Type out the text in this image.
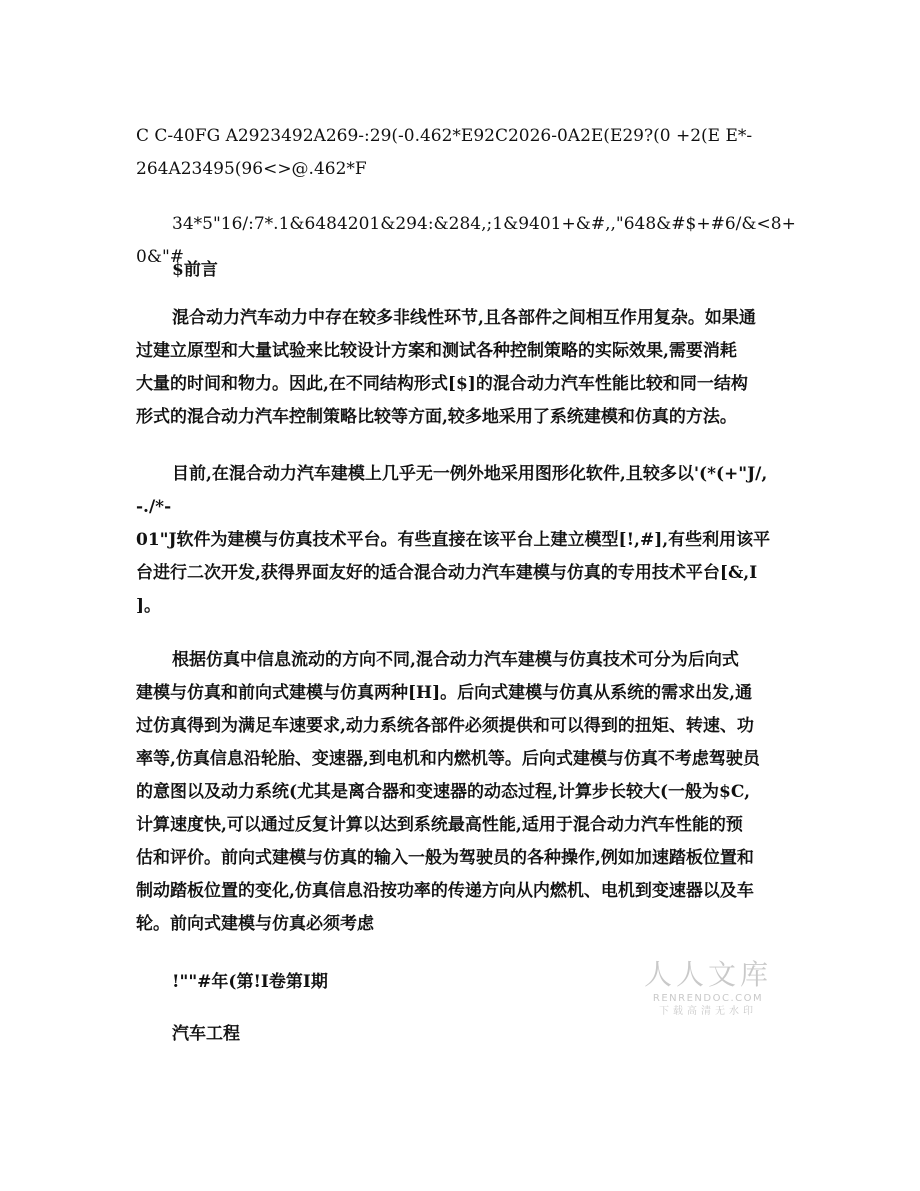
C C-40FG A2923492A269-:29(-0.462*E92C2026-0A2E(E29?(0 +2(E E*-
264A23495(96<>@.462*F

34*5"16/:7*.1&6484201&294:&284,;1&9401+&#,,"648&#$+#6/&<8+0&"#

$前言

混合动力汽车动力中存在较多非线性环节,且各部件之间相互作用复杂。如果通
过建立原型和大量试验来比较设计方案和测试各种控制策略的实际效果,需要消耗
大量的时间和物力。因此,在不同结构形式[$]的混合动力汽车性能比较和同一结构
形式的混合动力汽车控制策略比较等方面,较多地采用了系统建模和仿真的方法。

目前,在混合动力汽车建模上几乎无一例外地采用图形化软件,且较多以'(*(+"J/,
-./*-
01"J软件为建模与仿真技术平台。有些直接在该平台上建立模型[!,#],有些利用该平
台进行二次开发,获得界面友好的适合混合动力汽车建模与仿真的专用技术平台[&,I
]。

根据仿真中信息流动的方向不同,混合动力汽车建模与仿真技术可分为后向式
建模与仿真和前向式建模与仿真两种[H]。后向式建模与仿真从系统的需求出发,通
过仿真得到为满足车速要求,动力系统各部件必须提供和可以得到的扭矩、转速、功
率等,仿真信息沿轮胎、变速器,到电机和内燃机等。后向式建模与仿真不考虑驾驶员
的意图以及动力系统(尤其是离合器和变速器的动态过程,计算步长较大(一般为$C,
计算速度快,可以通过反复计算以达到系统最高性能,适用于混合动力汽车性能的预
估和评价。前向式建模与仿真的输入一般为驾驶员的各种操作,例如加速踏板位置和
制动踏板位置的变化,仿真信息沿按功率的传递方向从内燃机、电机到变速器以及车
轮。前向式建模与仿真必须考虑

!""#年(第!I卷第I期

汽车工程

人人文库
RENRENDOC.COM
下载高清无水印
